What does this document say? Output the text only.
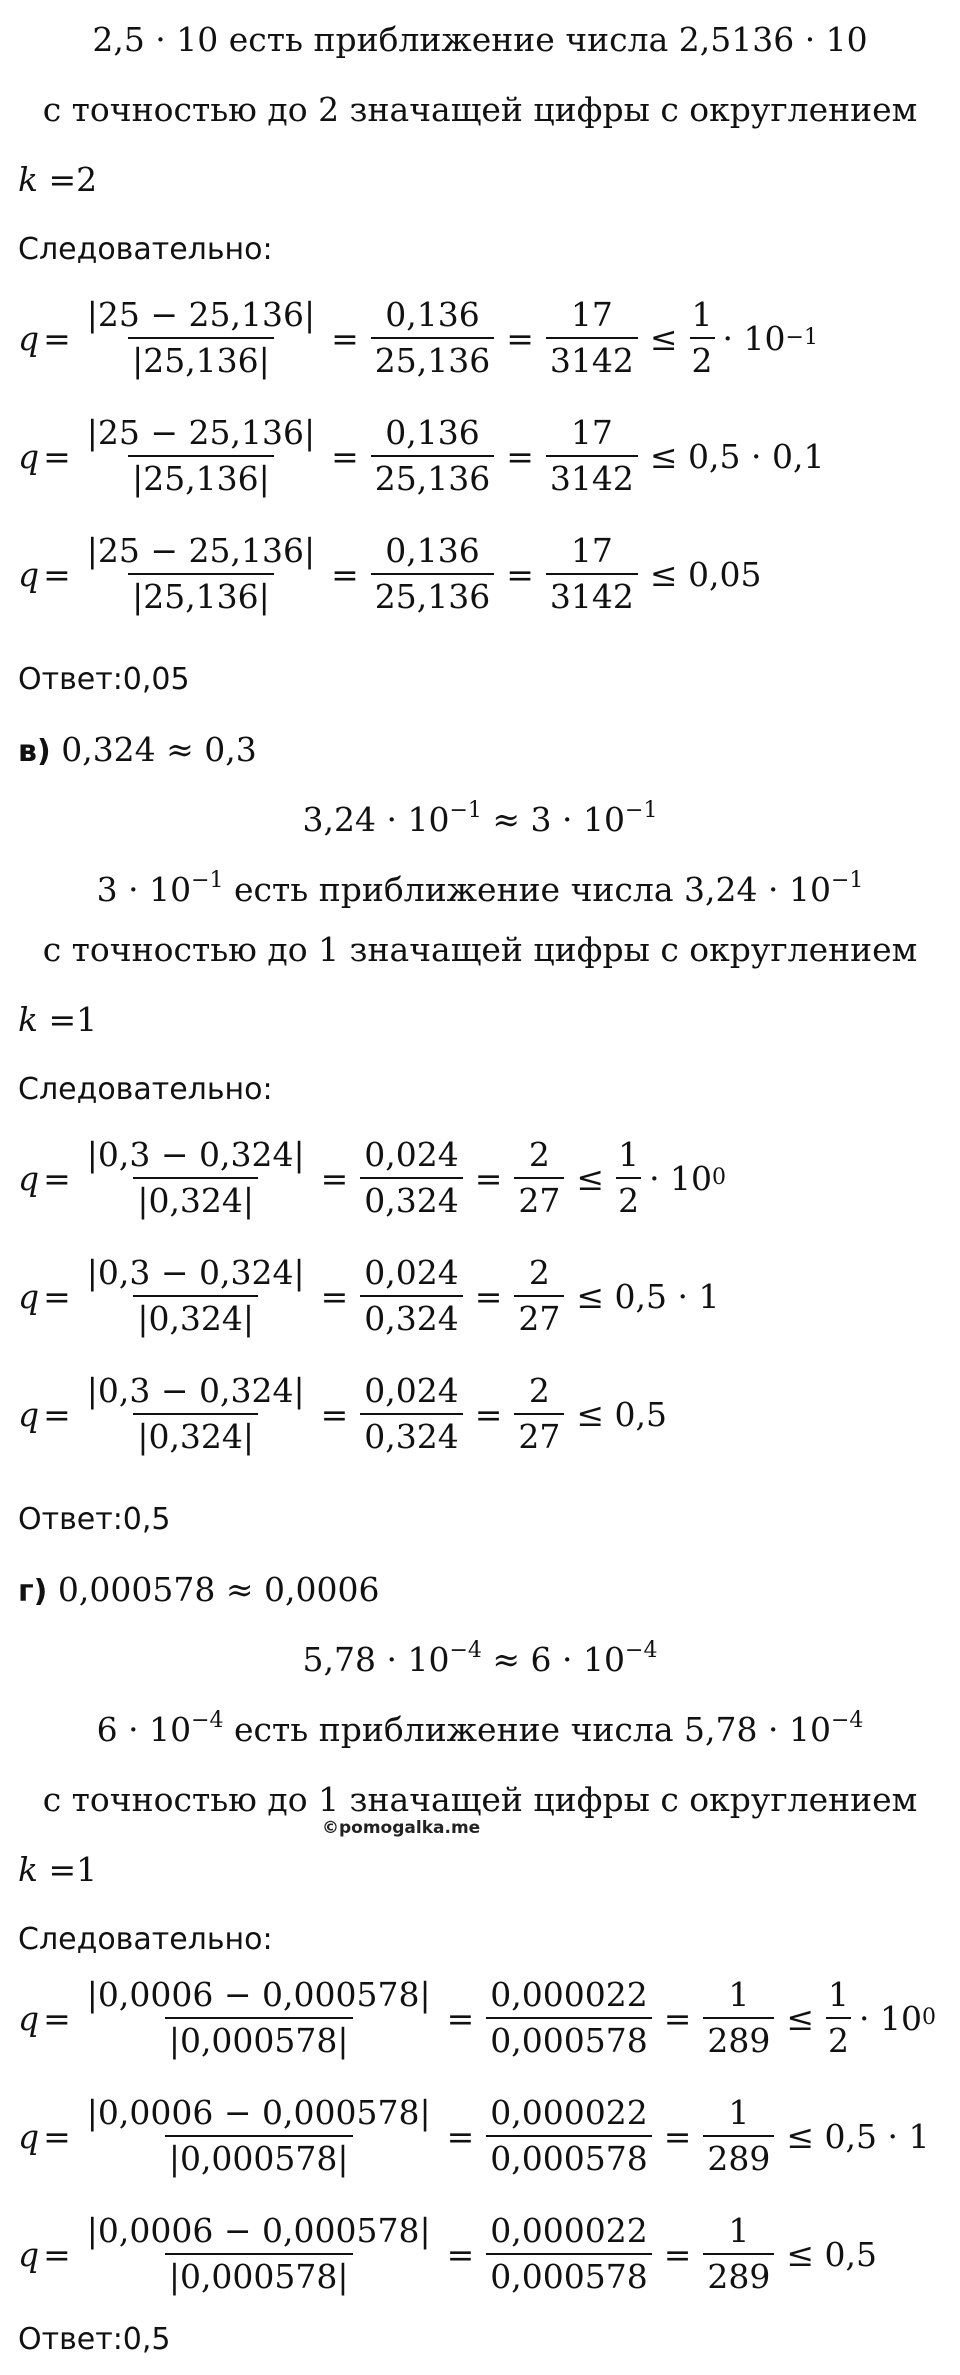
2,5 · 10 есть приближение числа 2,5136 · 10
с точностью до 2 значащей цифры с округлением
k =2
Следовательно:
$q = \frac{|25 - 25,136|}{|25,136|} = \frac{0,136}{25,136} = \frac{17}{3142} \le \frac{1}{2} \cdot 10 -1$
$q = \frac{|25 - 25,136|}{|25,136|} = \frac{0,136}{25,136} = \frac{17}{3142} \le 0,5 \cdot 0,1$
$q = \frac{|25 - 25,136|}{|25,136|} = \frac{0,136}{25,136} = \frac{17}{3142} \le 0,05$
Ответ:0,05
в) 0,324 ≈ 0,3
$3,24 \cdot 10^{-1} \approx 3 \cdot 10^{-1}$
$3 \cdot 10^{-1}$ есть приближение числа $3,24 \cdot 10^{-1}$
с точностью до 1 значащей цифры с округлением
k =1
Следовательно:
$q = \frac{|0,3 - 0,324|}{|0,324|} = \frac{0,024}{0,324} = \frac{2}{27} \le \frac{1}{2} \cdot 10$ 0
$q = \frac{|0,3 - 0,324|}{|0,324|} = \frac{0,024}{0,324} = \frac{2}{27} \le 0,5 \cdot 1$
$q = \frac{|0,3 - 0,324|}{|0,324|} = \frac{0,024}{0,324} = \frac{2}{27} \le 0,5$
Ответ:0,5
г) 0,000578 ≈ 0,0006
$5,78 \cdot 10^{-4} \approx 6 \cdot 10^{-4}$
$6 \cdot 10^{-4}$ есть приближение числа $5,78 \cdot 10^{-4}$
с точностью до 1 значащей цифры с округлением
©pomogalka.me
k =1
Следовательно:
$q = \frac{|0,0006 - 0,000578|}{|0,000578|} = \frac{0,000022}{0,000578} = \frac{1}{289} \le \frac{1}{2} \cdot 10$ 0
$q = \frac{|0,0006 - 0,000578|}{|0,000578|} = \frac{0,000022}{0,000578} = \frac{1}{289} \le 0,5 \cdot 1$
$q = \frac{|0,0006 - 0,000578|}{|0,000578|} = \frac{0,000022}{0,000578} = \frac{1}{289} \le 0,5$
Ответ:0,5
